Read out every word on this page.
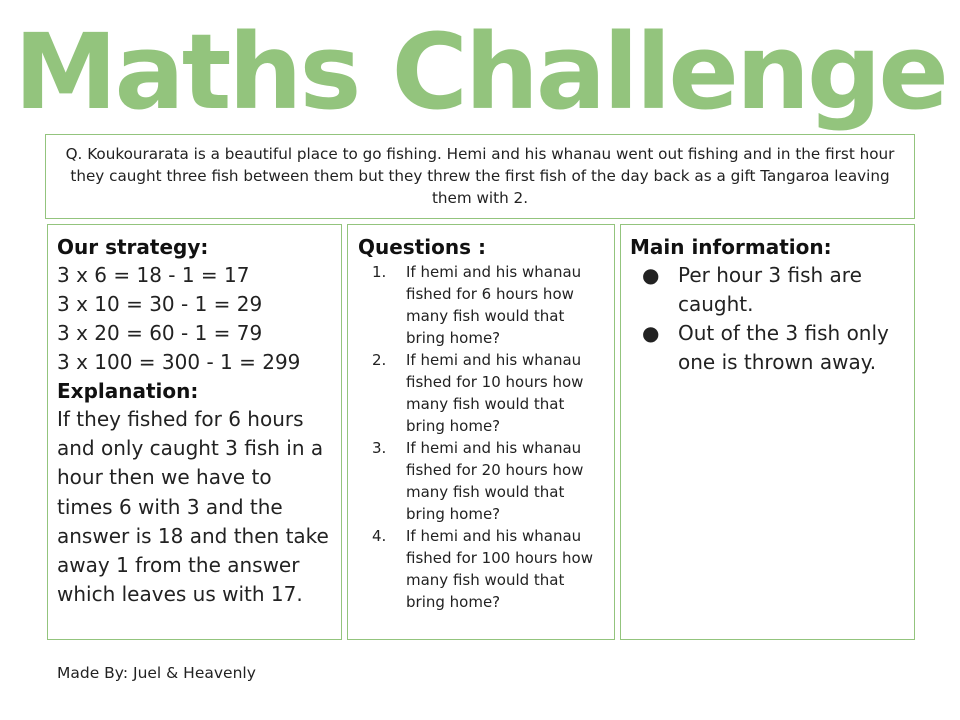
Maths Challenge
Q. Koukourarata is a beautiful place to go fishing. Hemi and his whanau went out fishing and in the first hour they caught three fish between them but they threw the first fish of the day back as a gift Tangaroa leaving them with 2.
Our strategy:
3 x 6 = 18 - 1 = 17
3 x 10 = 30 - 1 = 29
3 x 20 = 60 - 1 = 79
3 x 100 = 300 - 1 = 299
Explanation:
If they fished for 6 hours and only caught 3 fish in a hour then we have to times 6 with 3 and the answer is 18 and then take away 1 from the answer which leaves us with 17.
Questions :
1. If hemi and his whanau fished for 6 hours how many fish would that bring home?
2. If hemi and his whanau fished for 10 hours how many fish would that bring home?
3. If hemi and his whanau fished for 20 hours how many fish would that bring home?
4. If hemi and his whanau fished for 100 hours how many fish would that bring home?
Main information:
● Per hour 3 fish are caught.
● Out of the 3 fish only one is thrown away.
Made By: Juel & Heavenly
